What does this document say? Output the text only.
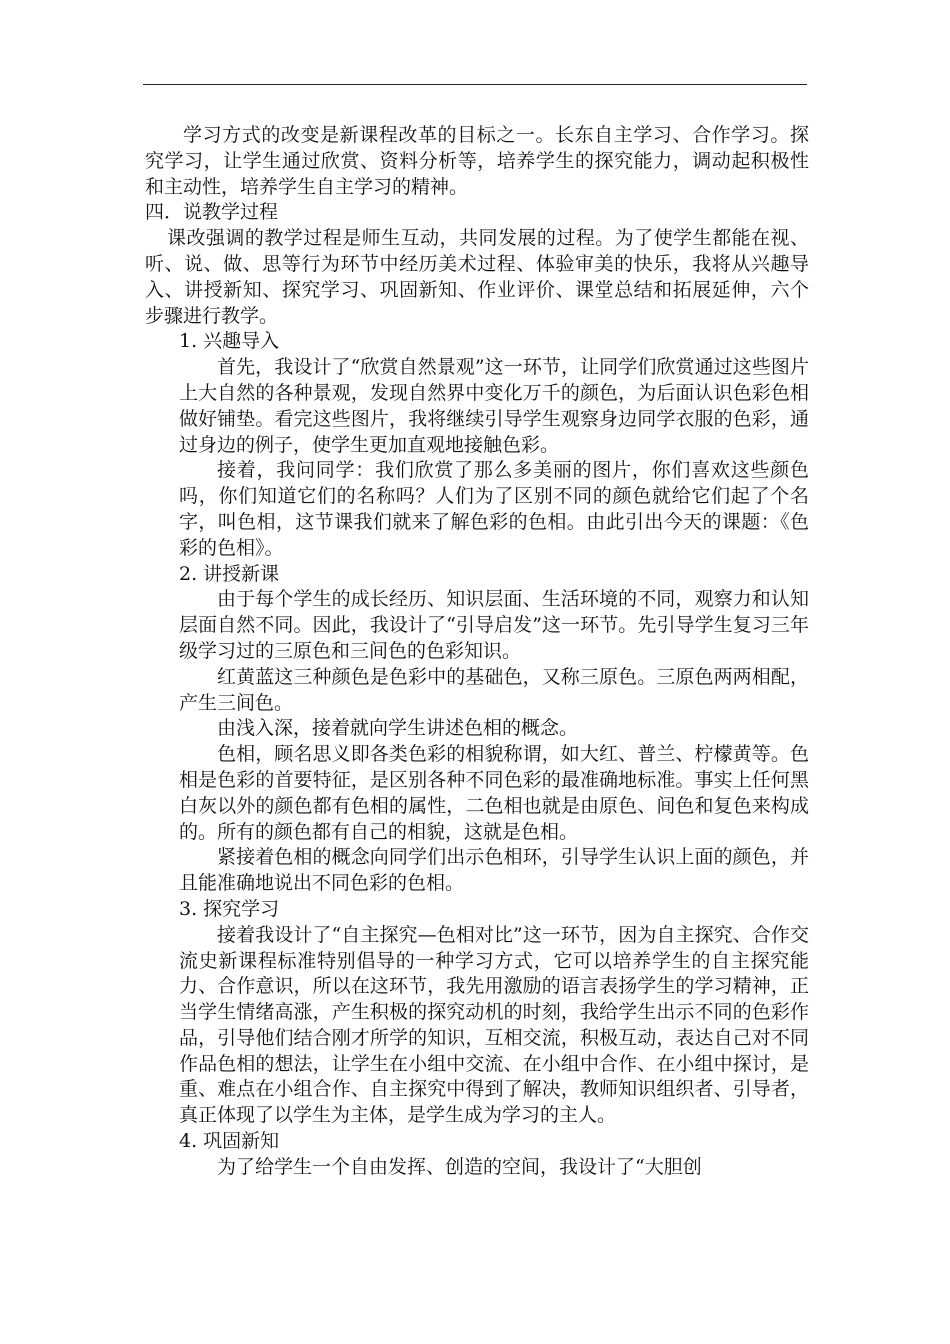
学习方式的改变是新课程改革的目标之一。长东自主学习、合作学习。探究学习，让学生通过欣赏、资料分析等，培养学生的探究能力，调动起积极性和主动性，培养学生自主学习的精神。

四．说教学过程

课改强调的教学过程是师生互动，共同发展的过程。为了使学生都能在视、听、说、做、思等行为环节中经历美术过程、体验审美的快乐，我将从兴趣导入、讲授新知、探究学习、巩固新知、作业评价、课堂总结和拓展延伸，六个步骤进行教学。

1. 兴趣导入

首先，我设计了“欣赏自然景观”这一环节，让同学们欣赏通过这些图片上大自然的各种景观，发现自然界中变化万千的颜色，为后面认识色彩色相做好铺垫。看完这些图片，我将继续引导学生观察身边同学衣服的色彩，通过身边的例子，使学生更加直观地接触色彩。

接着，我问同学：我们欣赏了那么多美丽的图片，你们喜欢这些颜色吗，你们知道它们的名称吗？人们为了区别不同的颜色就给它们起了个名字，叫色相，这节课我们就来了解色彩的色相。由此引出今天的课题：《色彩的色相》。

2. 讲授新课

由于每个学生的成长经历、知识层面、生活环境的不同，观察力和认知层面自然不同。因此，我设计了“引导启发”这一环节。先引导学生复习三年级学习过的三原色和三间色的色彩知识。

红黄蓝这三种颜色是色彩中的基础色，又称三原色。三原色两两相配，产生三间色。

由浅入深，接着就向学生讲述色相的概念。

色相，顾名思义即各类色彩的相貌称谓，如大红、普兰、柠檬黄等。色相是色彩的首要特征，是区别各种不同色彩的最准确地标准。事实上任何黑白灰以外的颜色都有色相的属性，二色相也就是由原色、间色和复色来构成的。所有的颜色都有自己的相貌，这就是色相。

紧接着色相的概念向同学们出示色相环，引导学生认识上面的颜色，并且能准确地说出不同色彩的色相。

3. 探究学习

接着我设计了“自主探究—色相对比”这一环节，因为自主探究、合作交流史新课程标准特别倡导的一种学习方式，它可以培养学生的自主探究能力、合作意识，所以在这环节，我先用激励的语言表扬学生的学习精神，正当学生情绪高涨，产生积极的探究动机的时刻，我给学生出示不同的色彩作品，引导他们结合刚才所学的知识，互相交流，积极互动，表达自己对不同作品色相的想法，让学生在小组中交流、在小组中合作、在小组中探讨，是重、难点在小组合作、自主探究中得到了解决，教师知识组织者、引导者，真正体现了以学生为主体，是学生成为学习的主人。

4. 巩固新知

为了给学生一个自由发挥、创造的空间，我设计了“大胆创
